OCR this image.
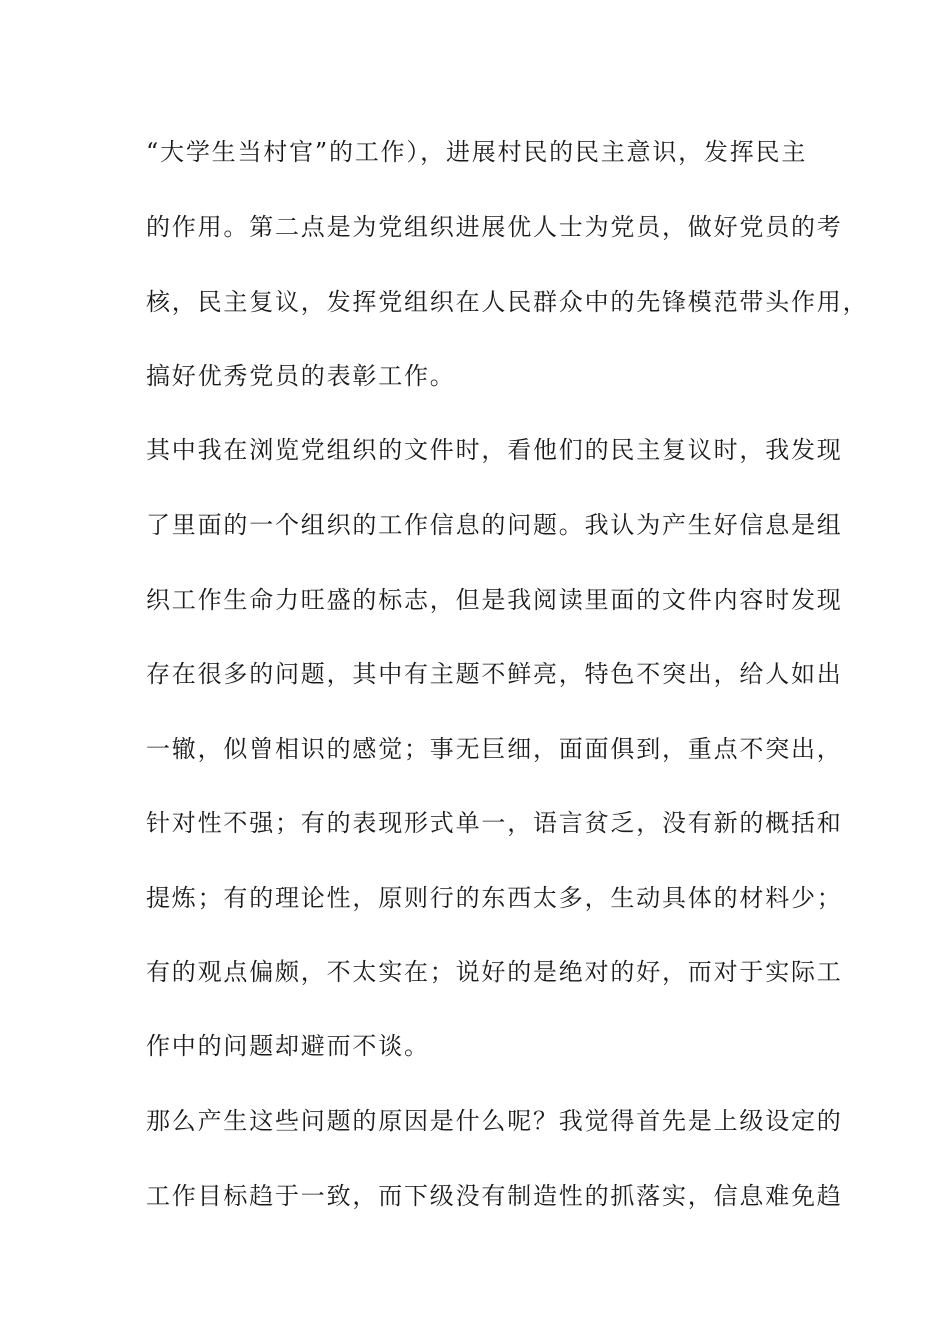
“大学生当村官”的工作），进展村民的民主意识，发挥民主
的作用。第二点是为党组织进展优人士为党员，做好党员的考
核，民主复议，发挥党组织在人民群众中的先锋模范带头作用，
搞好优秀党员的表彰工作。
其中我在浏览党组织的文件时，看他们的民主复议时，我发现
了里面的一个组织的工作信息的问题。我认为产生好信息是组
织工作生命力旺盛的标志，但是我阅读里面的文件内容时发现
存在很多的问题，其中有主题不鲜亮，特色不突出，给人如出
一辙，似曾相识的感觉；事无巨细，面面俱到，重点不突出，
针对性不强；有的表现形式单一，语言贫乏，没有新的概括和
提炼；有的理论性，原则行的东西太多，生动具体的材料少；
有的观点偏颇，不太实在；说好的是绝对的好，而对于实际工
作中的问题却避而不谈。
那么产生这些问题的原因是什么呢？我觉得首先是上级设定的
工作目标趋于一致，而下级没有制造性的抓落实，信息难免趋
